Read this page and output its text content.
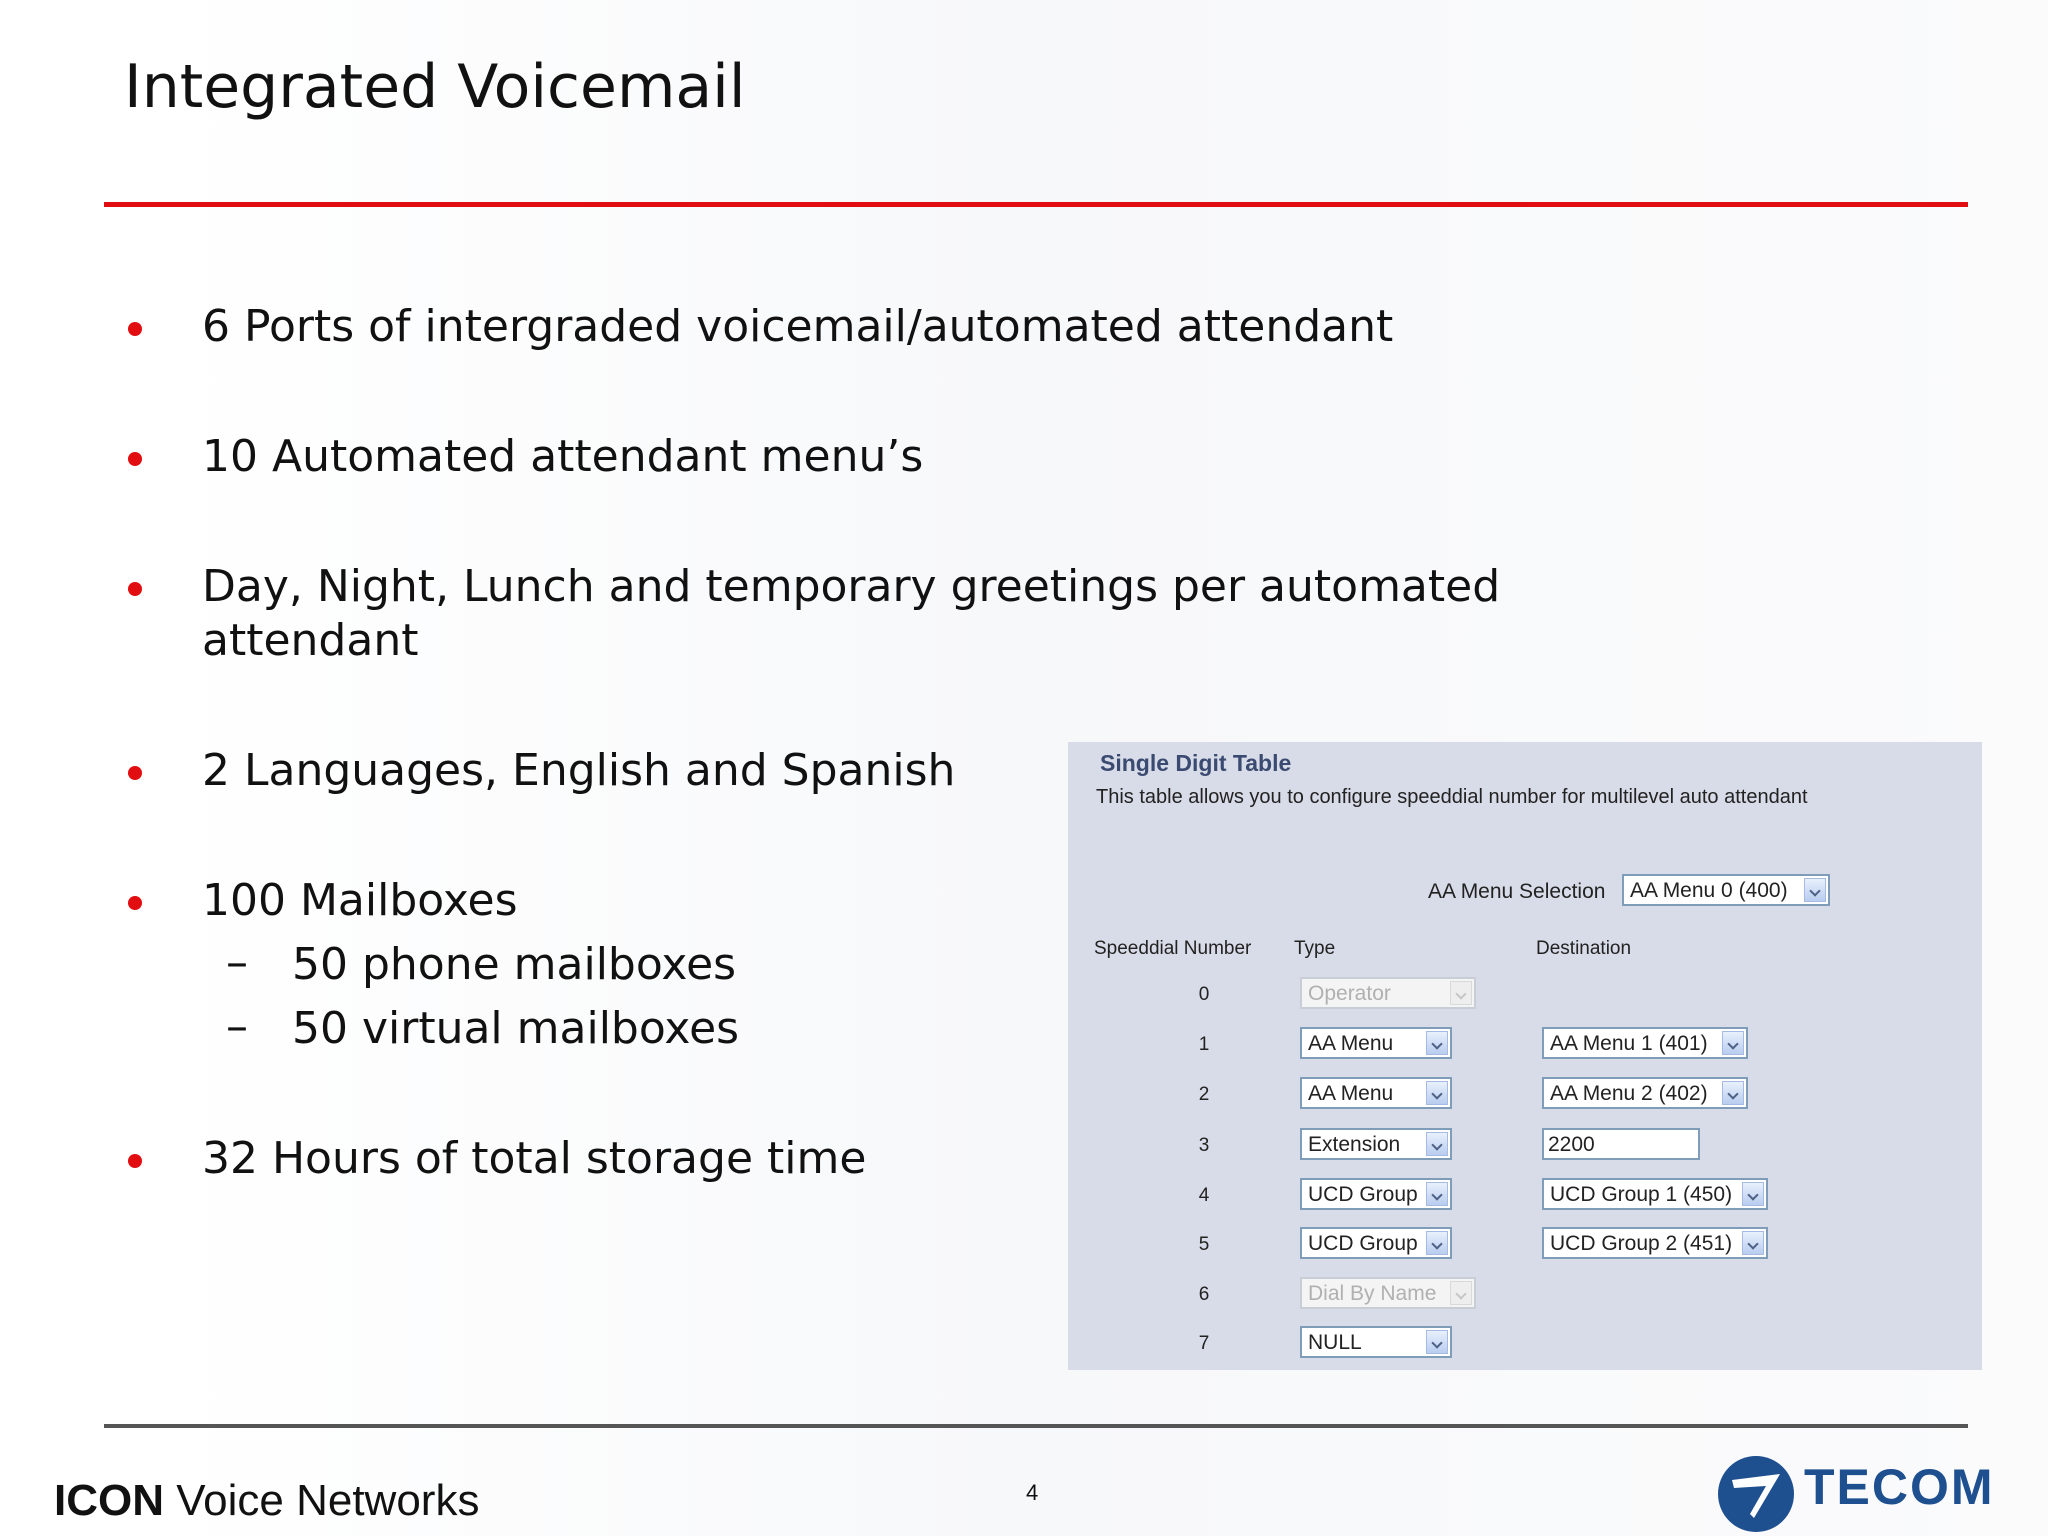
Integrated Voicemail
6 Ports of intergraded voicemail/automated attendant
10 Automated attendant menu’s
Day, Night, Lunch and temporary greetings per automated
attendant
2 Languages, English and Spanish
100 Mailboxes
– 50 phone mailboxes
– 50 virtual mailboxes
32 Hours of total storage time
Single Digit Table
This table allows you to configure speeddial number for multilevel auto attendant
AA Menu Selection AA Menu 0 (400)
Speeddial Number Type	Destination
0	Operator
1	AA Menu	AA Menu 1 (401)
2	AA Menu	AA Menu 2 (402)
3	Extension	2200
4	UCD Group	UCD Group 1 (450)
5	UCD Group	UCD Group 2 (451)
6	Dial By Name
7	NULL
ICON Voice Networks	4	TECOM
